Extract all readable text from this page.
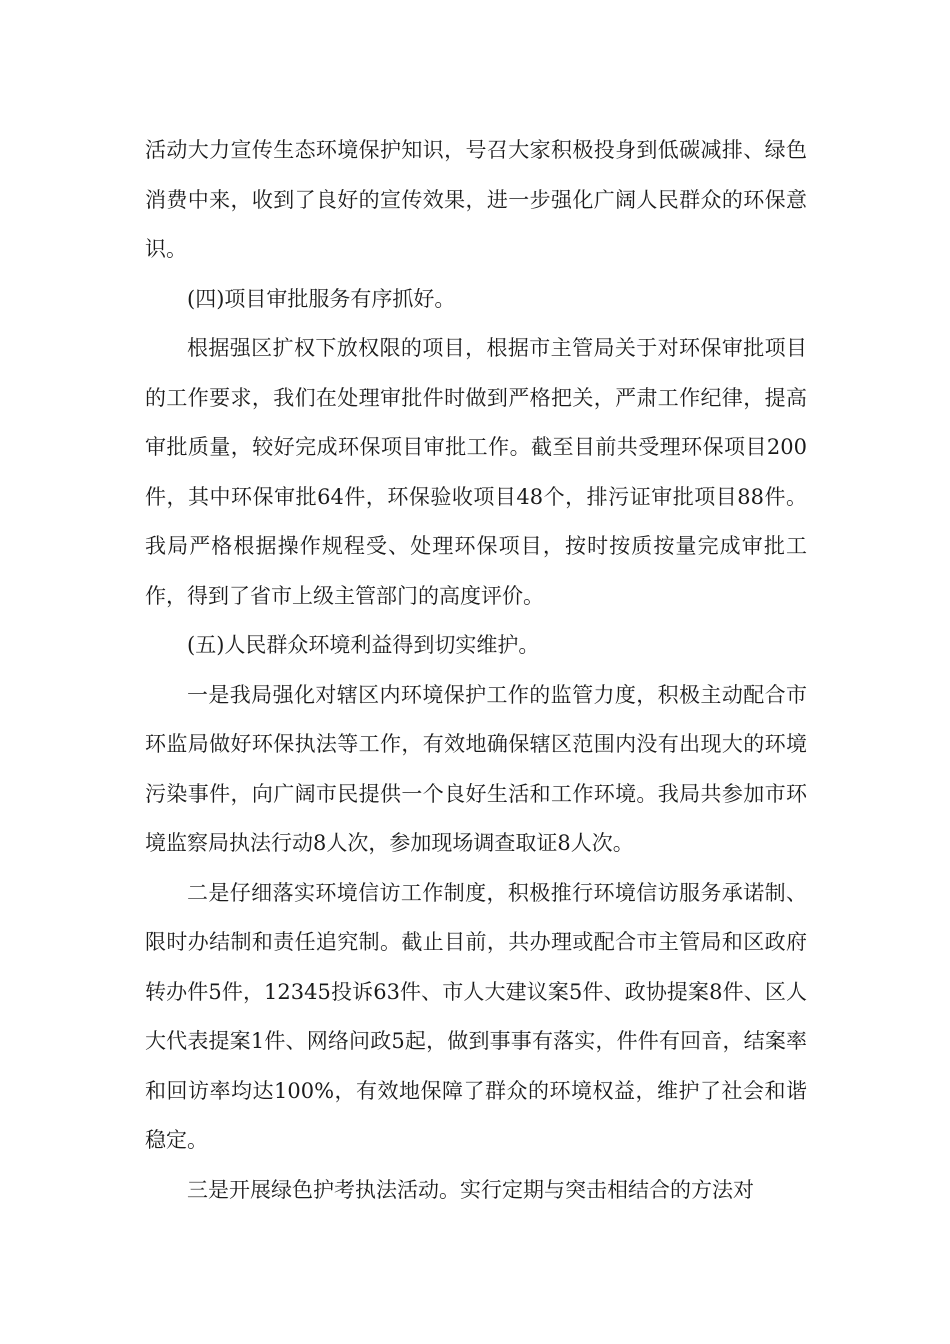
活动大力宣传生态环境保护知识，号召大家积极投身到低碳减排、绿色消费中来，收到了良好的宣传效果，进一步强化广阔人民群众的环保意识。

(四)项目审批服务有序抓好。

根据强区扩权下放权限的项目，根据市主管局关于对环保审批项目的工作要求，我们在处理审批件时做到严格把关，严肃工作纪律，提高审批质量，较好完成环保项目审批工作。截至目前共受理环保项目200件，其中环保审批64件，环保验收项目48个，排污证审批项目88件。我局严格根据操作规程受、处理环保项目，按时按质按量完成审批工作，得到了省市上级主管部门的高度评价。

(五)人民群众环境利益得到切实维护。

一是我局强化对辖区内环境保护工作的监管力度，积极主动配合市环监局做好环保执法等工作，有效地确保辖区范围内没有出现大的环境污染事件，向广阔市民提供一个良好生活和工作环境。我局共参加市环境监察局执法行动8人次，参加现场调查取证8人次。

二是仔细落实环境信访工作制度，积极推行环境信访服务承诺制、限时办结制和责任追究制。截止目前，共办理或配合市主管局和区政府转办件5件，12345投诉63件、市人大建议案5件、政协提案8件、区人大代表提案1件、网络问政5起，做到事事有落实，件件有回音，结案率和回访率均达100%，有效地保障了群众的环境权益，维护了社会和谐稳定。

三是开展绿色护考执法活动。实行定期与突击相结合的方法对
